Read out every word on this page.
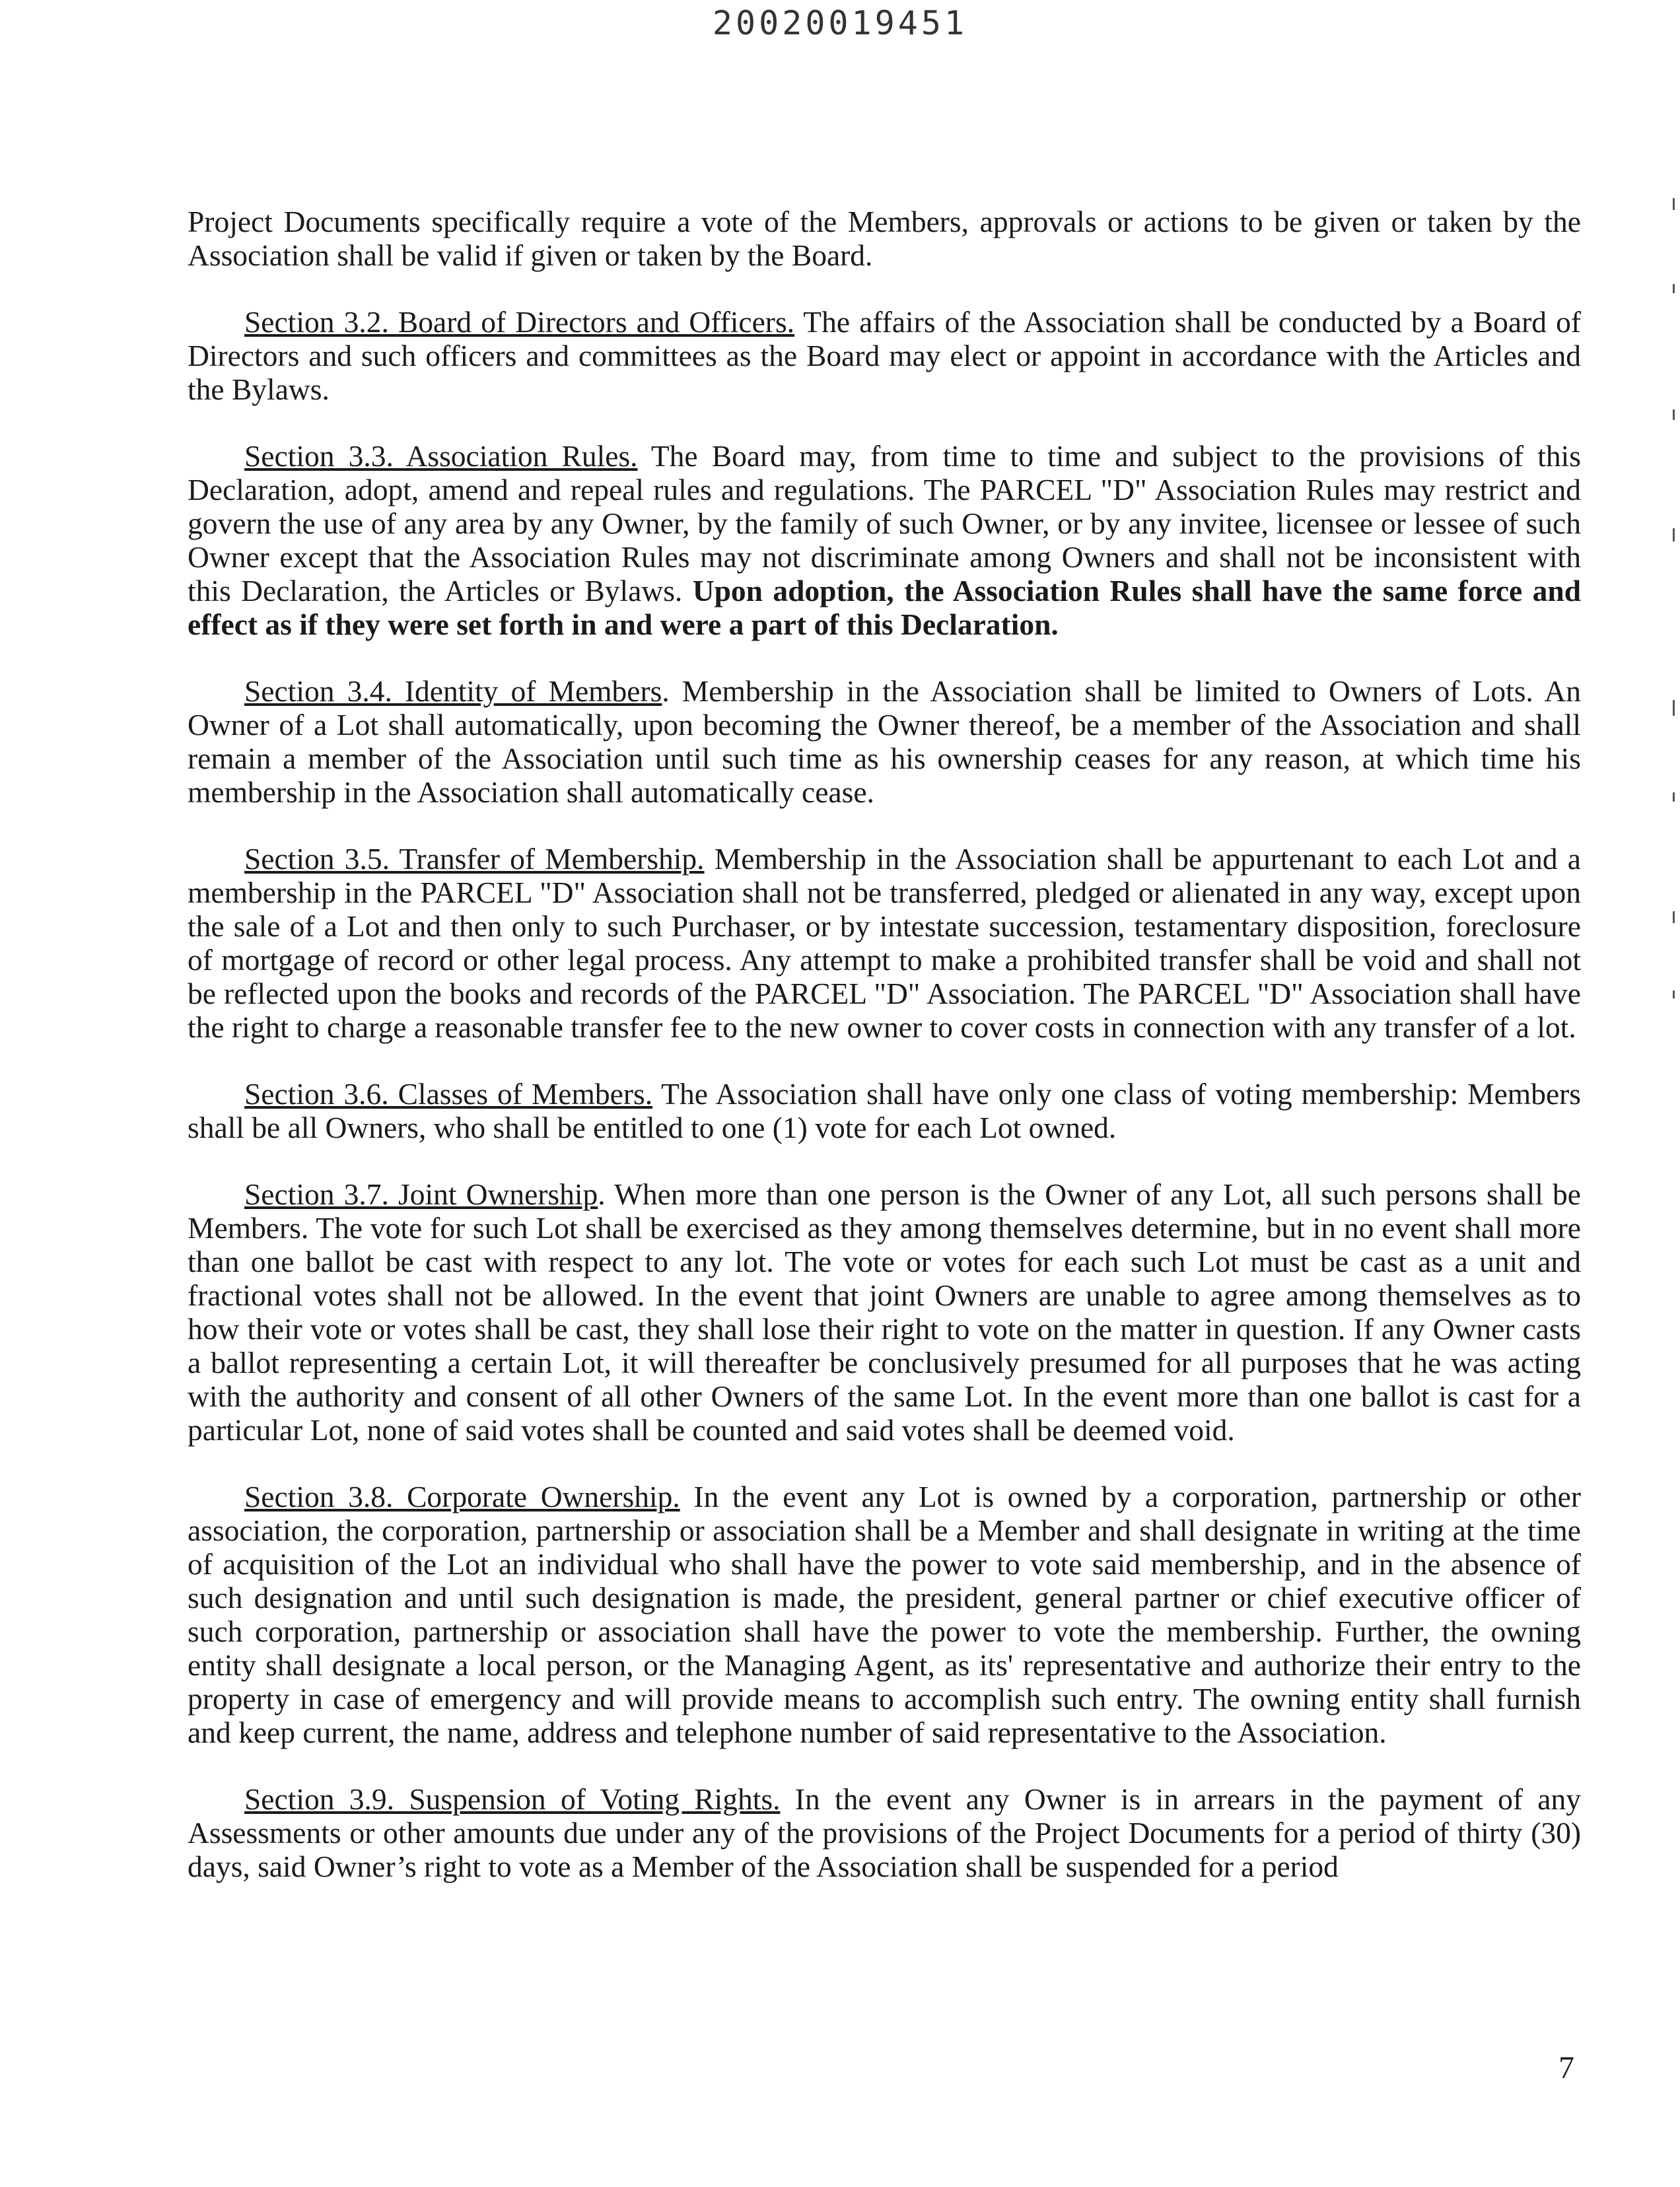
20020019451

Project Documents specifically require a vote of the Members, approvals or actions to be given or taken by the Association shall be valid if given or taken by the Board.

Section 3.2. Board of Directors and Officers. The affairs of the Association shall be conducted by a Board of Directors and such officers and committees as the Board may elect or appoint in accordance with the Articles and the Bylaws.

Section 3.3. Association Rules. The Board may, from time to time and subject to the provisions of this Declaration, adopt, amend and repeal rules and regulations. The PARCEL "D" Association Rules may restrict and govern the use of any area by any Owner, by the family of such Owner, or by any invitee, licensee or lessee of such Owner except that the Association Rules may not discriminate among Owners and shall not be inconsistent with this Declaration, the Articles or Bylaws. Upon adoption, the Association Rules shall have the same force and effect as if they were set forth in and were a part of this Declaration.

Section 3.4. Identity of Members. Membership in the Association shall be limited to Owners of Lots. An Owner of a Lot shall automatically, upon becoming the Owner thereof, be a member of the Association and shall remain a member of the Association until such time as his ownership ceases for any reason, at which time his membership in the Association shall automatically cease.

Section 3.5. Transfer of Membership. Membership in the Association shall be appurtenant to each Lot and a membership in the PARCEL "D" Association shall not be transferred, pledged or alienated in any way, except upon the sale of a Lot and then only to such Purchaser, or by intestate succession, testamentary disposition, foreclosure of mortgage of record or other legal process. Any attempt to make a prohibited transfer shall be void and shall not be reflected upon the books and records of the PARCEL "D" Association. The PARCEL "D" Association shall have the right to charge a reasonable transfer fee to the new owner to cover costs in connection with any transfer of a lot.

Section 3.6. Classes of Members. The Association shall have only one class of voting membership: Members shall be all Owners, who shall be entitled to one (1) vote for each Lot owned.

Section 3.7. Joint Ownership. When more than one person is the Owner of any Lot, all such persons shall be Members. The vote for such Lot shall be exercised as they among themselves determine, but in no event shall more than one ballot be cast with respect to any lot. The vote or votes for each such Lot must be cast as a unit and fractional votes shall not be allowed. In the event that joint Owners are unable to agree among themselves as to how their vote or votes shall be cast, they shall lose their right to vote on the matter in question. If any Owner casts a ballot representing a certain Lot, it will thereafter be conclusively presumed for all purposes that he was acting with the authority and consent of all other Owners of the same Lot. In the event more than one ballot is cast for a particular Lot, none of said votes shall be counted and said votes shall be deemed void.

Section 3.8. Corporate Ownership. In the event any Lot is owned by a corporation, partnership or other association, the corporation, partnership or association shall be a Member and shall designate in writing at the time of acquisition of the Lot an individual who shall have the power to vote said membership, and in the absence of such designation and until such designation is made, the president, general partner or chief executive officer of such corporation, partnership or association shall have the power to vote the membership. Further, the owning entity shall designate a local person, or the Managing Agent, as its' representative and authorize their entry to the property in case of emergency and will provide means to accomplish such entry. The owning entity shall furnish and keep current, the name, address and telephone number of said representative to the Association.

Section 3.9. Suspension of Voting Rights. In the event any Owner is in arrears in the payment of any Assessments or other amounts due under any of the provisions of the Project Documents for a period of thirty (30) days, said Owner’s right to vote as a Member of the Association shall be suspended for a period

7
